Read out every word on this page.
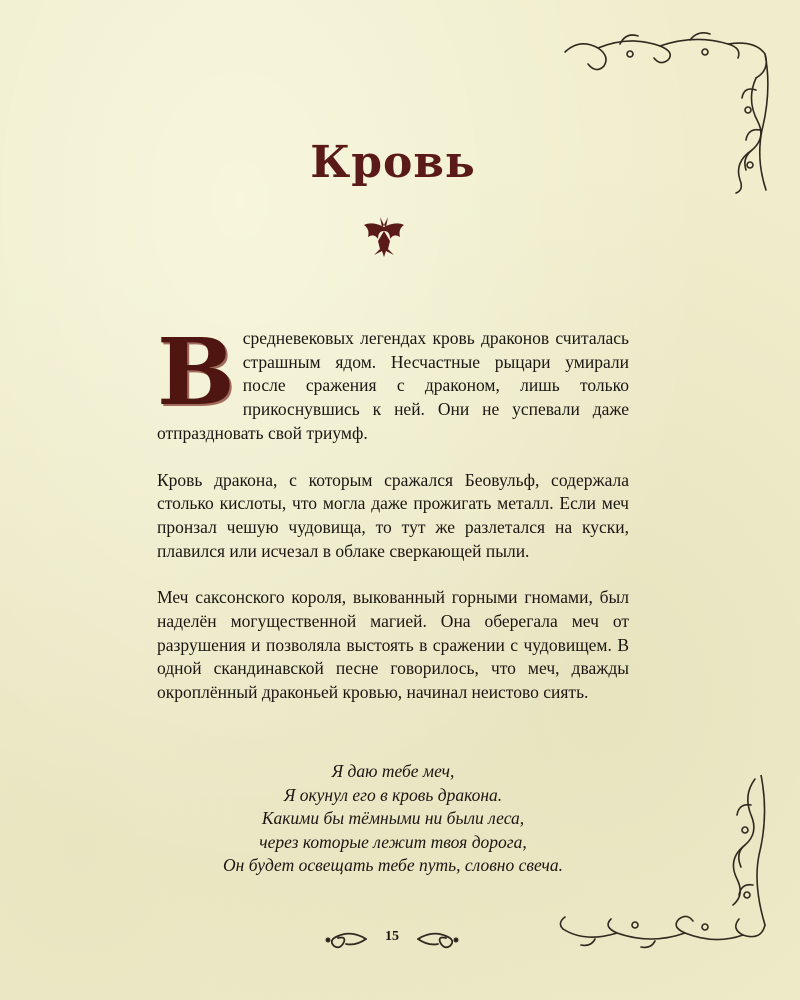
Кровь

В средневековых легендах кровь драконов считалась страшным ядом. Несчастные рыцари умирали после сражения с драконом, лишь только прикоснувшись к ней. Они не успевали даже отпраздновать свой триумф.

Кровь дракона, с которым сражался Беовульф, содержала столько кислоты, что могла даже прожигать металл. Если меч пронзал чешую чудовища, то тут же разлетался на куски, плавился или исчезал в облаке сверкающей пыли.

Меч саксонского короля, выкованный горными гномами, был наделён могущественной магией. Она оберегала меч от разрушения и позволяла выстоять в сражении с чудовищем. В одной скандинавской песне говорилось, что меч, дважды окроплённый драконьей кровью, начинал неистово сиять.

Я даю тебе меч,
Я окунул его в кровь дракона.
Какими бы тёмными ни были леса,
через которые лежит твоя дорога,
Он будет освещать тебе путь, словно свеча.
15
